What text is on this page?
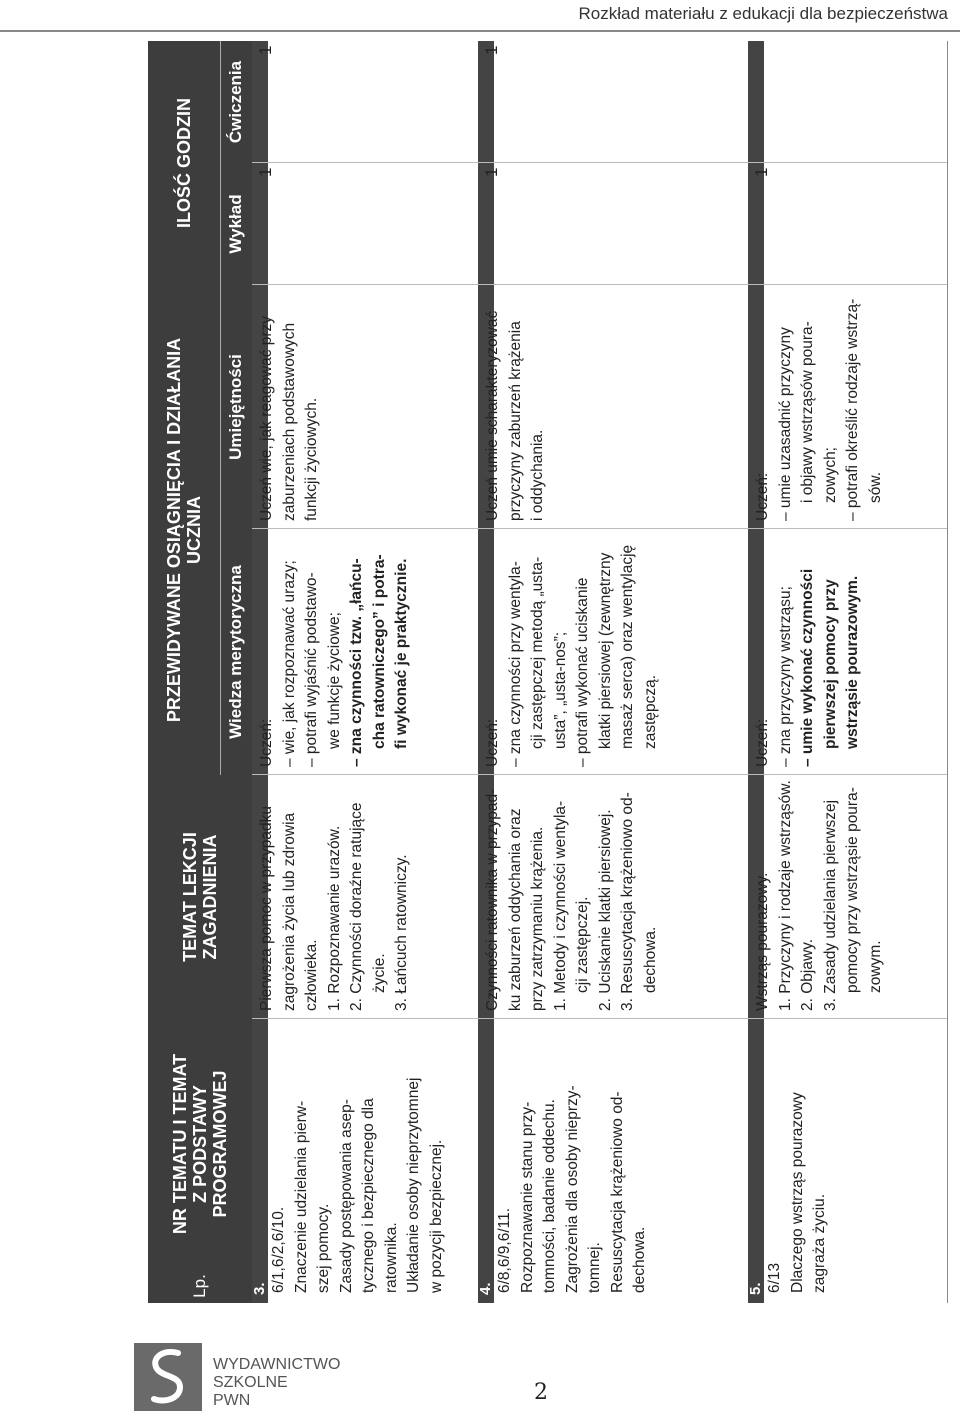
Rozkład materiału z edukacji dla bezpieczeństwa
Lp.
NR TEMATU I TEMAT Z PODSTAWY PROGRAMOWEJ
TEMAT LEKCJI ZAGADNIENIA
PRZEWIDYWANE OSIĄGNIĘCIA I DZIAŁANIA UCZNIA
Wiedza merytoryczna
Umiejętności
ILOŚĆ GODZIN Wykład
Ćwiczenia
3. 6/1,6/2,6/10. Znaczenie udzielania pierw- szej pomocy. Zasady postępowania asep- tycznego i bezpiecznego dla ratownika. Układanie osoby nieprzytomnej w pozycji bezpiecznej.
Pierwsza pomoc w przypadku zagrożenia życia lub zdrowia człowieka. 1. Rozpoznawanie urazów. 2. Czynności doraźne ratujące życie. 3. Łańcuch ratowniczy.
Uczeń: – wie, jak rozpoznawać urazy; – potrafi wyjaśnić podstawo- we funkcje życiowe; – zna czynności tzw. „łańcu- cha ratowniczego” i potra- fi wykonać je praktycznie.
Uczeń wie, jak reagować przy zaburzeniach podstawowych funkcji życiowych.
1
1
4. 6/8,6/9,6/11. Rozpoznawanie stanu przy- tomności, badanie oddechu. Zagrożenia dla osoby nieprzy- tomnej. Resuscytacja krążeniowo od- dechowa.
Czynności ratownika w przypad- ku zaburzeń oddychania oraz przy zatrzymaniu krążenia. 1. Metody i czynności wentyla- cji zastępczej. 2. Uciskanie klatki piersiowej. 3. Resuscytacja krążeniowo od- dechowa.
Uczeń: – zna czynności przy wentyla- cji zastępczej metodą „usta- usta”, „usta-nos”; – potrafi wykonać uciskanie klatki piersiowej (zewnętrzny masaż serca) oraz wentylację zastępczą.
Uczeń umie scharakteryzować przyczyny zaburzeń krążenia i oddychania.
1
1
5. 6/13 Dlaczego wstrząs pourazowy zagraża życiu.
Wstrząs pourazowy. 1. Przyczyny i rodzaje wstrząsów. 2. Objawy. 3. Zasady udzielania pierwszej pomocy przy wstrząsie poura- zowym.
Uczeń: – zna przyczyny wstrząsu; – umie wykonać czynności pierwszej pomocy przy wstrząsie pourazowym.
Uczeń: – umie uzasadnić przyczyny i objawy wstrząsów poura- zowych; – potrafi określić rodzaje wstrzą- sów.
1
WYDAWNICTWO
SZKOLNE
PWN	2
